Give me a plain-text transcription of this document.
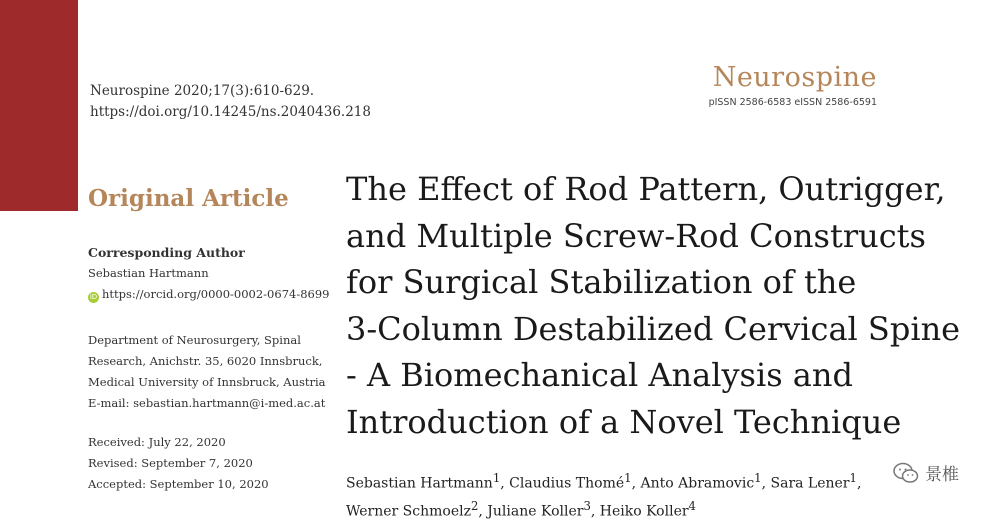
Neurospine 2020;17(3):610-629.
https://doi.org/10.14245/ns.2040436.218
Neurospine
pISSN 2586-6583 eISSN 2586-6591
Original Article
Corresponding Author
Sebastian Hartmann
iD https://orcid.org/0000-0002-0674-8699
Department of Neurosurgery, Spinal
Research, Anichstr. 35, 6020 Innsbruck,
Medical University of Innsbruck, Austria
E-mail: sebastian.hartmann@i-med.ac.at
Received: July 22, 2020
Revised: September 7, 2020
Accepted: September 10, 2020
The Effect of Rod Pattern, Outrigger,
and Multiple Screw-Rod Constructs
for Surgical Stabilization of the
3-Column Destabilized Cervical Spine
- A Biomechanical Analysis and
Introduction of a Novel Technique
Sebastian Hartmann$^1$, Claudius Thomé$^1$, Anto Abramovic$^1$, Sara Lener$^1$,
Werner Schmoelz$^2$, Juliane Koller$^3$, Heiko Koller$^4$
景椎
